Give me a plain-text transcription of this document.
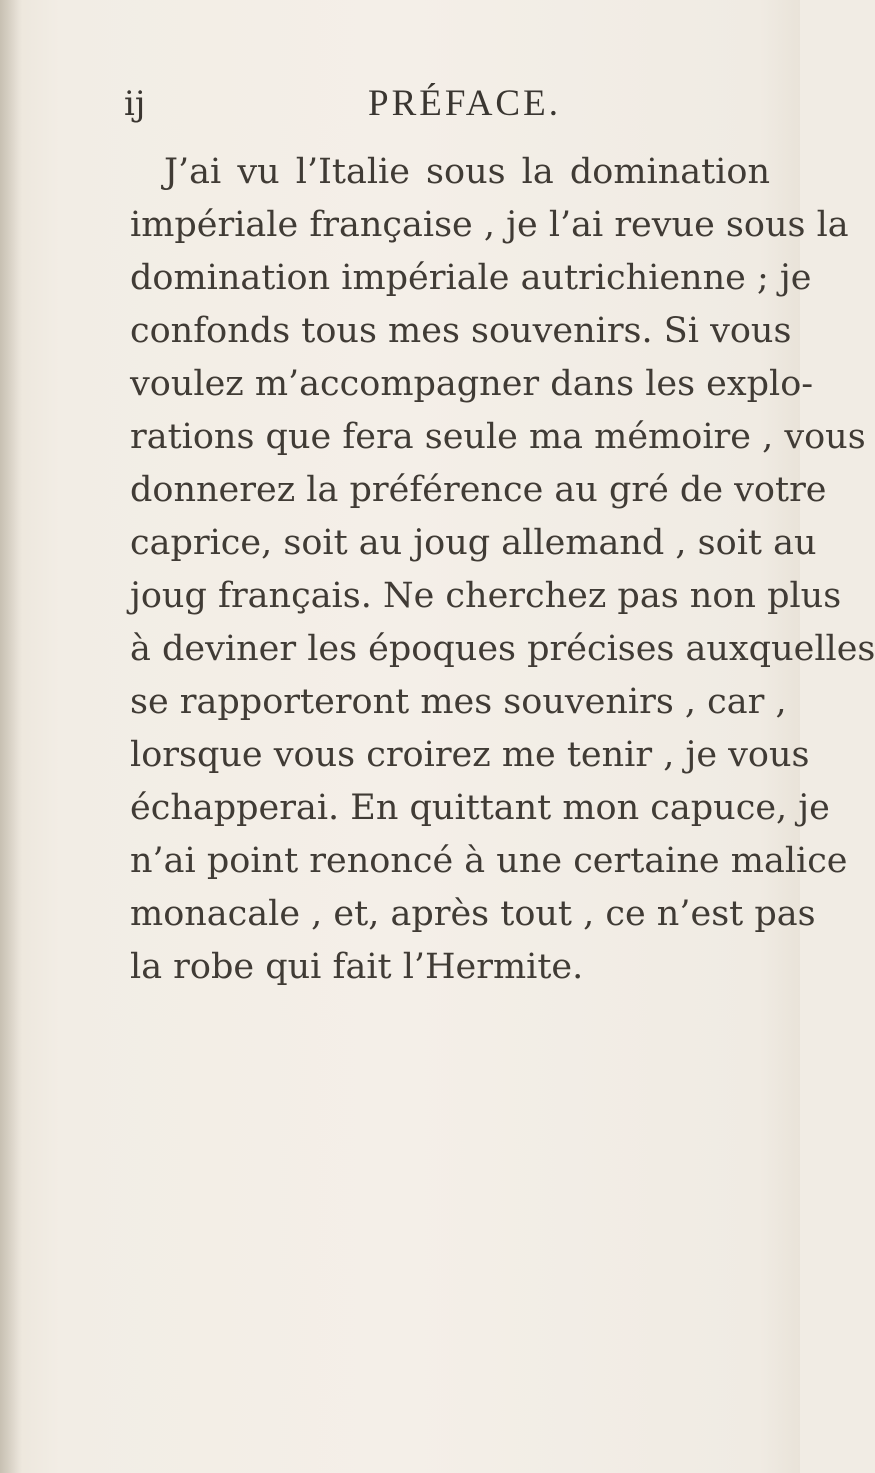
ij	PRÉFACE.
J’ai vu l’Italie sous la domination
impériale française , je l’ai revue sous la
domination impériale autrichienne ; je
confonds tous mes souvenirs. Si vous
voulez m’accompagner dans les explo-
rations que fera seule ma mémoire , vous
donnerez la préférence au gré de votre
caprice, soit au joug allemand , soit au
joug français. Ne cherchez pas non plus
à deviner les époques précises auxquelles
se rapporteront mes souvenirs , car ,
lorsque vous croirez me tenir , je vous
échapperai. En quittant mon capuce, je
n’ai point renoncé à une certaine malice
monacale , et, après tout , ce n’est pas
la robe qui fait l’Hermite.
